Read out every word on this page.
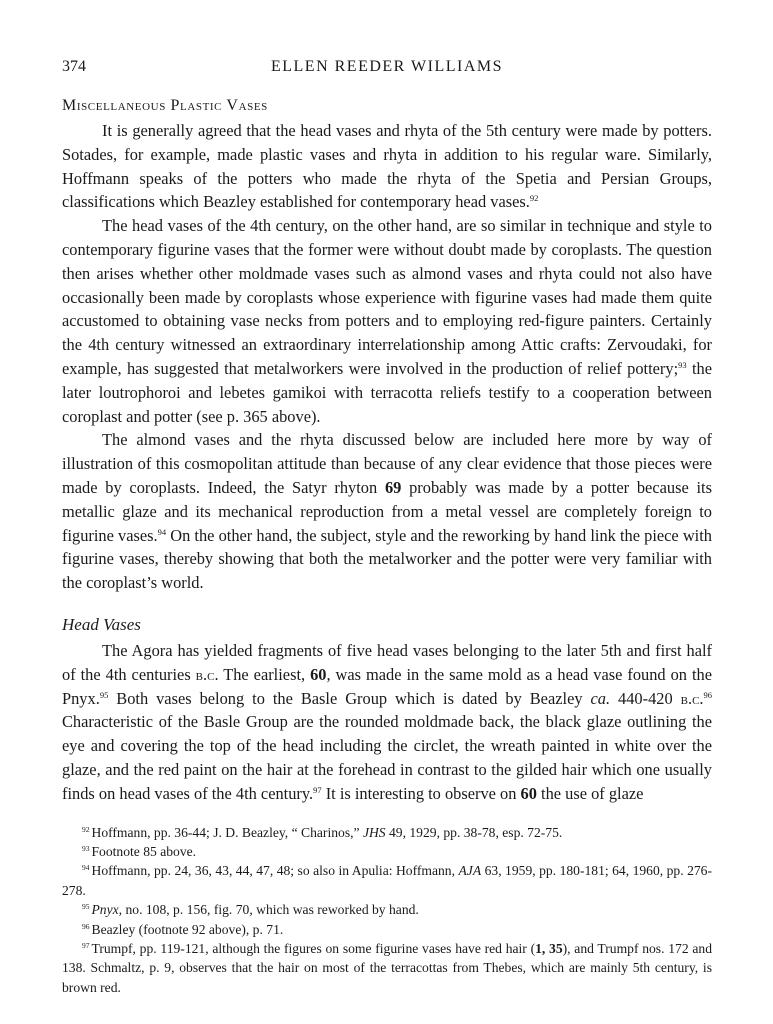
374	ELLEN REEDER WILLIAMS
Miscellaneous Plastic Vases

It is generally agreed that the head vases and rhyta of the 5th century were made by potters. Sotades, for example, made plastic vases and rhyta in addition to his regular ware. Similarly, Hoffmann speaks of the potters who made the rhyta of the Spetia and Persian Groups, classifications which Beazley established for contemporary head vases.$^{92}$

The head vases of the 4th century, on the other hand, are so similar in technique and style to contemporary figurine vases that the former were without doubt made by coroplasts. The question then arises whether other moldmade vases such as almond vases and rhyta could not also have occasionally been made by coroplasts whose experience with figurine vases had made them quite accustomed to obtaining vase necks from potters and to employing red-figure painters. Certainly the 4th century witnessed an extraordinary interrelationship among Attic crafts: Zervoudaki, for example, has suggested that metalworkers were involved in the production of relief pottery;$^{93}$ the later loutrophoroi and lebetes gamikoi with terracotta reliefs testify to a cooperation between coroplast and potter (see p. 365 above).

The almond vases and the rhyta discussed below are included here more by way of illustration of this cosmopolitan attitude than because of any clear evidence that those pieces were made by coroplasts. Indeed, the Satyr rhyton 69 probably was made by a potter because its metallic glaze and its mechanical reproduction from a metal vessel are completely foreign to figurine vases.$^{94}$ On the other hand, the subject, style and the reworking by hand link the piece with figurine vases, thereby showing that both the metalworker and the potter were very familiar with the coroplast’s world.

Head Vases

The Agora has yielded fragments of five head vases belonging to the later 5th and first half of the 4th centuries b.c. The earliest, 60, was made in the same mold as a head vase found on the Pnyx.$^{95}$ Both vases belong to the Basle Group which is dated by Beazley ca. 440-420 b.c.$^{96}$ Characteristic of the Basle Group are the rounded moldmade back, the black glaze outlining the eye and covering the top of the head including the circlet, the wreath painted in white over the glaze, and the red paint on the hair at the forehead in contrast to the gilded hair which one usually finds on head vases of the 4th century.$^{97}$ It is interesting to observe on 60 the use of glaze

$^{92}$ Hoffmann, pp. 36-44; J. D. Beazley, “ Charinos,” JHS 49, 1929, pp. 38-78, esp. 72-75.
$^{93}$ Footnote 85 above.
$^{94}$ Hoffmann, pp. 24, 36, 43, 44, 47, 48; so also in Apulia: Hoffmann, AJA 63, 1959, pp. 180-181; 64, 1960, pp. 276-278.
$^{95}$ Pnyx, no. 108, p. 156, fig. 70, which was reworked by hand.
$^{96}$ Beazley (footnote 92 above), p. 71.
$^{97}$ Trumpf, pp. 119-121, although the figures on some figurine vases have red hair (1, 35), and Trumpf nos. 172 and 138. Schmaltz, p. 9, observes that the hair on most of the terracottas from Thebes, which are mainly 5th century, is brown red.
